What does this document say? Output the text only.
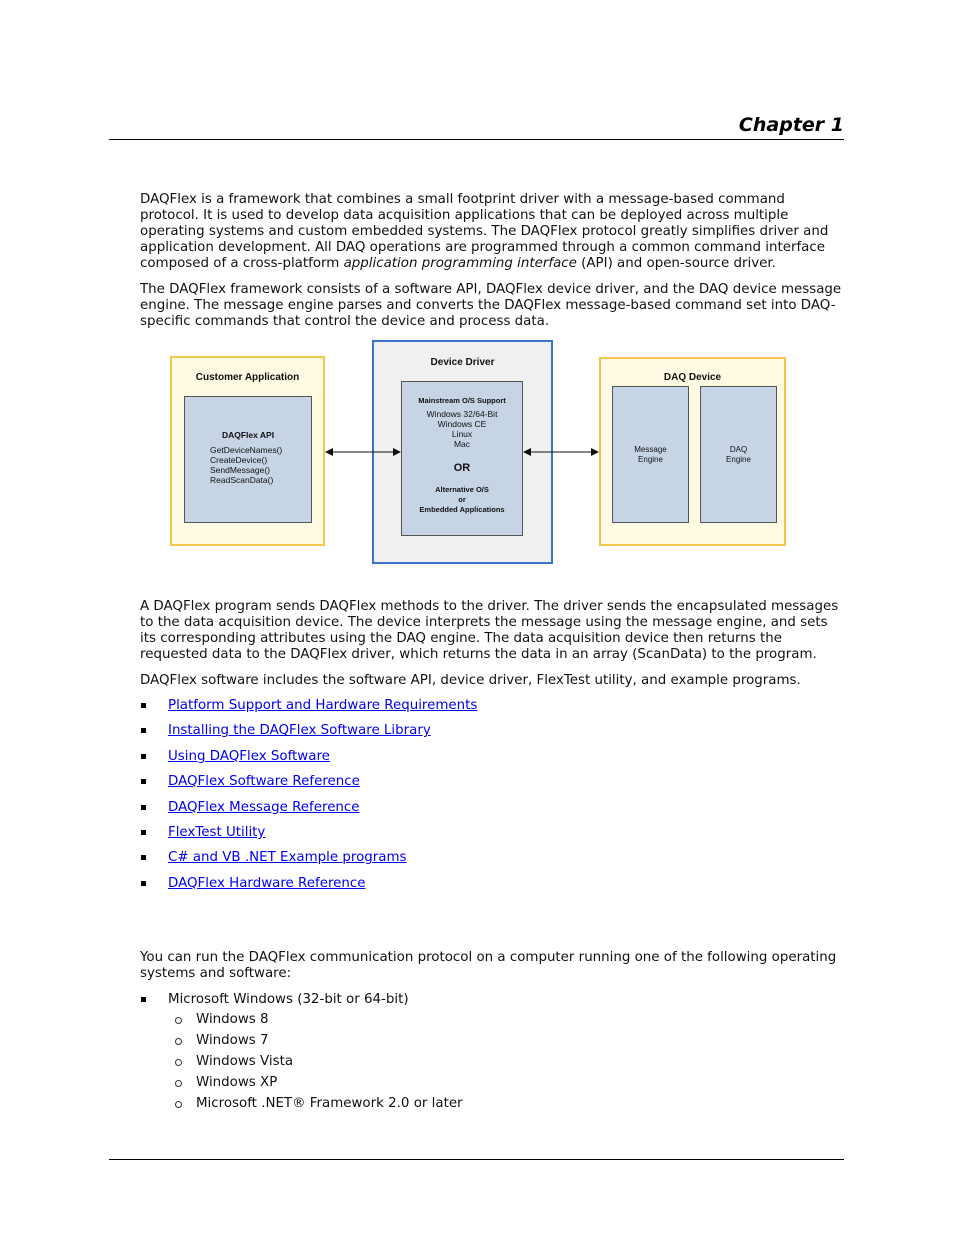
Chapter 1

DAQFlex is a framework that combines a small footprint driver with a message-based command protocol. It is used to develop data acquisition applications that can be deployed across multiple operating systems and custom embedded systems. The DAQFlex protocol greatly simplifies driver and application development. All DAQ operations are programmed through a common command interface composed of a cross-platform application programming interface (API) and open-source driver.

The DAQFlex framework consists of a software API, DAQFlex device driver, and the DAQ device message engine. The message engine parses and converts the DAQFlex message-based command set into DAQ-specific commands that control the device and process data.

Customer Application
DAQFlex API
GetDeviceNames()
CreateDevice()
SendMessage()
ReadScanData()
Device Driver
Mainstream O/S Support
Windows 32/64-Bit
Windows CE
Linux
Mac
OR
Alternative O/S
or
Embedded Applications
DAQ Device
Message
Engine
DAQ
Engine

A DAQFlex program sends DAQFlex methods to the driver. The driver sends the encapsulated messages to the data acquisition device. The device interprets the message using the message engine, and sets its corresponding attributes using the DAQ engine. The data acquisition device then returns the requested data to the DAQFlex driver, which returns the data in an array (ScanData) to the program.

DAQFlex software includes the software API, device driver, FlexTest utility, and example programs.

Platform Support and Hardware Requirements
Installing the DAQFlex Software Library
Using DAQFlex Software
DAQFlex Software Reference
DAQFlex Message Reference
FlexTest Utility
C# and VB .NET Example programs
DAQFlex Hardware Reference

You can run the DAQFlex communication protocol on a computer running one of the following operating systems and software:

Microsoft Windows (32-bit or 64-bit)
Windows 8
Windows 7
Windows Vista
Windows XP
Microsoft .NET® Framework 2.0 or later
